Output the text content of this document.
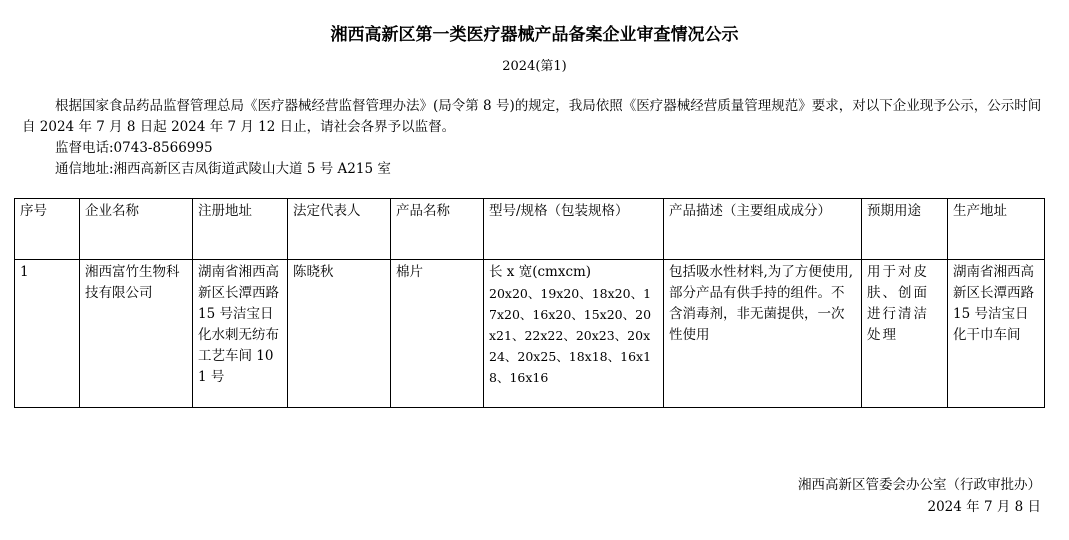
湘西高新区第一类医疗器械产品备案企业审查情况公示
2024(第1)

根据国家食品药品监督管理总局《医疗器械经营监督管理办法》(局令第 8 号)的规定，我局依照《医疗器械经营质量管理规范》要求，对以下企业现予公示，公示时间自 2024 年 7 月 8 日起 2024 年 7 月 12 日止，请社会各界予以监督。

监督电话:0743-8566995

通信地址:湘西高新区吉凤街道武陵山大道 5 号 A215 室

序号	企业名称	注册地址	法定代表人	产品名称	型号/规格（包装规格）	产品描述（主要组成成分）	预期用途	生产地址
1	湘西富竹生物科技有限公司	湖南省湘西高新区长潭西路 15 号洁宝日化水刺无纺布工艺车间 101 号	陈晓秋	棉片	长 x 宽(cmxcm)
20x20、19x20、18x20、17x20、16x20、15x20、20x21、22x22、20x23、20x24、20x25、18x18、16x18、16x16	包括吸水性材料,为了方便使用,部分产品有供手持的组件。不含消毒剂，非无菌提供，一次性使用	用于对皮肤、创面进行清洁处理	湖南省湘西高新区长潭西路 15 号洁宝日化干巾车间
湘西高新区管委会办公室（行政审批办）
2024 年 7 月 8 日
